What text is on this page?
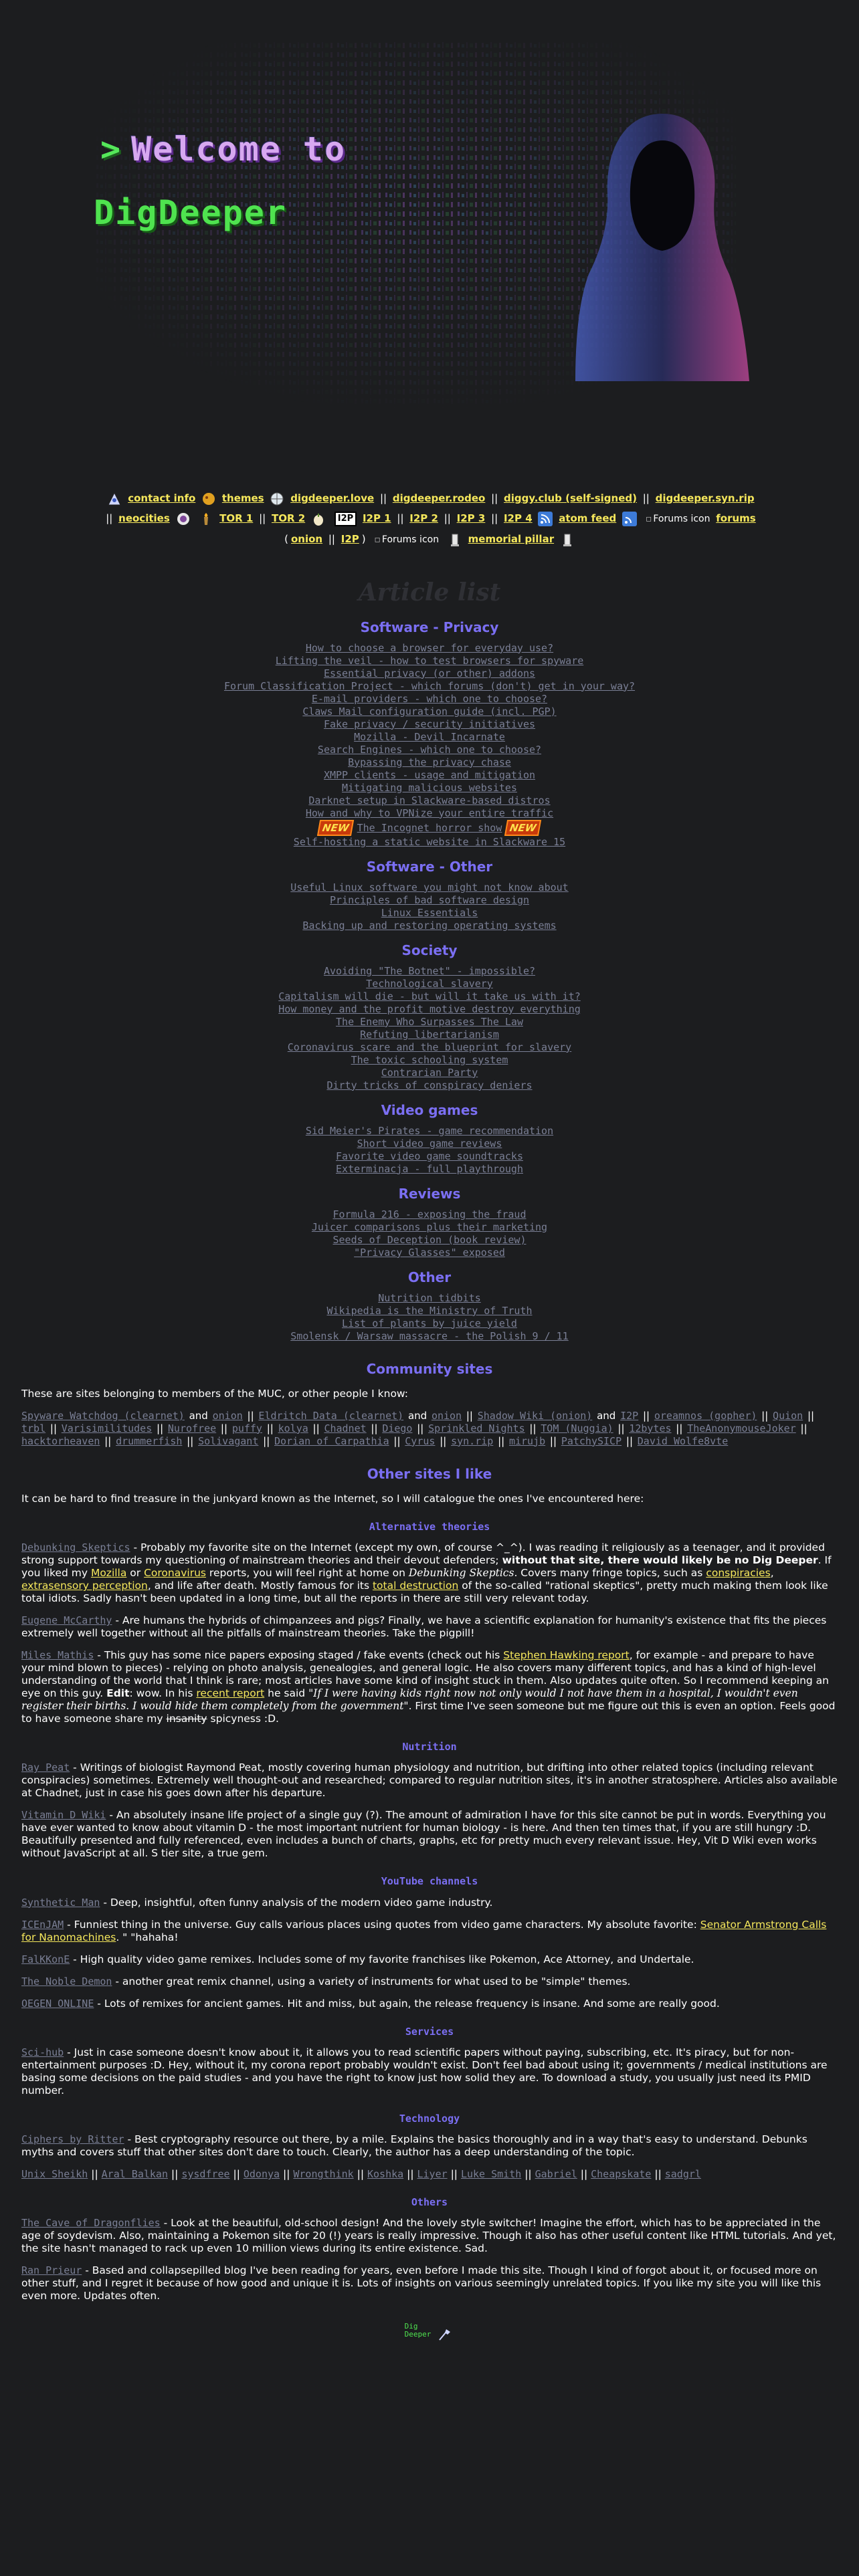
> Welcome to
DigDeeper
contact info	themes	digdeeper.love || digdeeper.rodeo || diggy.club (self-signed) || digdeeper.syn.rip
|| neocities	TOR 1 || TOR 2	I2P I2P 1 || I2P 2 || I2P 3 || I2P 4	atom feed	▫ Forums icon forums
( onion || I2P ) ▫ Forums icon	memorial pillar
Article list
Software - Privacy
How to choose a browser for everyday use?
Lifting the veil - how to test browsers for spyware
Essential privacy (or other) addons
Forum Classification Project - which forums (don't) get in your way?
E-mail providers - which one to choose?
Claws Mail configuration guide (incl. PGP)
Fake privacy / security initiatives
Mozilla - Devil Incarnate
Search Engines - which one to choose?
Bypassing the privacy chase
XMPP clients - usage and mitigation
Mitigating malicious websites
Darknet setup in Slackware-based distros
How and why to VPNize your entire traffic
NEW The Incognet horror show NEW
Self-hosting a static website in Slackware 15
Software - Other
Useful Linux software you might not know about
Principles of bad software design
Linux Essentials
Backing up and restoring operating systems
Society
Avoiding "The Botnet" - impossible?
Technological slavery
Capitalism will die - but will it take us with it?
How money and the profit motive destroy everything
The Enemy Who Surpasses The Law
Refuting libertarianism
Coronavirus scare and the blueprint for slavery
The toxic schooling system
Contrarian Party
Dirty tricks of conspiracy deniers
Video games
Sid Meier's Pirates - game recommendation
Short video game reviews
Favorite video game soundtracks
Exterminacja - full playthrough
Reviews
Formula 216 - exposing the fraud
Juicer comparisons plus their marketing
Seeds of Deception (book review)
"Privacy Glasses" exposed
Other
Nutrition tidbits
Wikipedia is the Ministry of Truth
List of plants by juice yield
Smolensk / Warsaw massacre - the Polish 9 / 11
Community sites

These are sites belonging to members of the MUC, or other people I know:

Spyware Watchdog (clearnet) and onion || Eldritch Data (clearnet) and onion || Shadow Wiki (onion) and I2P || oreamnos (gopher) || Quion || trbl || Varisimilitudes || Nurofree || puffy || kolya || Chadnet || Diego || Sprinkled Nights || TOM (Nuggia) || 12bytes || TheAnonymouseJoker || hacktorheaven || drummerfish || Solivagant || Dorian of Carpathia || Cyrus || syn.rip || mirujb || PatchySICP || David Wolfe8vte
Other sites I like

It can be hard to find treasure in the junkyard known as the Internet, so I will catalogue the ones I've encountered here:

Alternative theories

Debunking Skeptics - Probably my favorite site on the Internet (except my own, of course ^_^). I was reading it religiously as a teenager, and it provided strong support towards my questioning of mainstream theories and their devout defenders; without that site, there would likely be no Dig Deeper. If you liked my Mozilla or Coronavirus reports, you will feel right at home on Debunking Skeptics. Covers many fringe topics, such as conspiracies, extrasensory perception, and life after death. Mostly famous for its total destruction of the so-called "rational skeptics", pretty much making them look like total idiots. Sadly hasn't been updated in a long time, but all the reports in there are still very relevant today.

Eugene McCarthy - Are humans the hybrids of chimpanzees and pigs? Finally, we have a scientific explanation for humanity's existence that fits the pieces extremely well together without all the pitfalls of mainstream theories. Take the pigpill!

Miles Mathis - This guy has some nice papers exposing staged / fake events (check out his Stephen Hawking report, for example - and prepare to have your mind blown to pieces) - relying on photo analysis, genealogies, and general logic. He also covers many different topics, and has a kind of high-level understanding of the world that I think is rare; most articles have some kind of insight stuck in them. Also updates quite often. So I recommend keeping an eye on this guy. Edit: wow. In his recent report he said "If I were having kids right now not only would I not have them in a hospital, I wouldn't even register their births. I would hide them completely from the government". First time I've seen someone but me figure out this is even an option. Feels good to have someone share my insanity spicyness :D.

Nutrition

Ray Peat - Writings of biologist Raymond Peat, mostly covering human physiology and nutrition, but drifting into other related topics (including relevant conspiracies) sometimes. Extremely well thought-out and researched; compared to regular nutrition sites, it's in another stratosphere. Articles also available at Chadnet, just in case his goes down after his departure.

Vitamin D Wiki - An absolutely insane life project of a single guy (?). The amount of admiration I have for this site cannot be put in words. Everything you have ever wanted to know about vitamin D - the most important nutrient for human biology - is here. And then ten times that, if you are still hungry :D. Beautifully presented and fully referenced, even includes a bunch of charts, graphs, etc for pretty much every relevant issue. Hey, Vit D Wiki even works without JavaScript at all. S tier site, a true gem.

YouTube channels

Synthetic Man - Deep, insightful, often funny analysis of the modern video game industry.

ICEnJAM - Funniest thing in the universe. Guy calls various places using quotes from video game characters. My absolute favorite: Senator Armstrong Calls for Nanomachines. " "hahaha!

FalKKonE - High quality video game remixes. Includes some of my favorite franchises like Pokemon, Ace Attorney, and Undertale.

The Noble Demon - another great remix channel, using a variety of instruments for what used to be "simple" themes.

OEGEN ONLINE - Lots of remixes for ancient games. Hit and miss, but again, the release frequency is insane. And some are really good.

Services

Sci-hub - Just in case someone doesn't know about it, it allows you to read scientific papers without paying, subscribing, etc. It's piracy, but for non-entertainment purposes :D. Hey, without it, my corona report probably wouldn't exist. Don't feel bad about using it; governments / medical institutions are basing some decisions on the paid studies - and you have the right to know just how solid they are. To download a study, you usually just need its PMID number.

Technology

Ciphers by Ritter - Best cryptography resource out there, by a mile. Explains the basics thoroughly and in a way that's easy to understand. Debunks myths and covers stuff that other sites don't dare to touch. Clearly, the author has a deep understanding of the topic.

Unix Sheikh || Aral Balkan || sysdfree || Odonya || Wrongthink || Koshka || Liyer || Luke Smith || Gabriel || Cheapskate || sadgrl

Others

The Cave of Dragonflies - Look at the beautiful, old-school design! And the lovely style switcher! Imagine the effort, which has to be appreciated in the age of soydevism. Also, maintaining a Pokemon site for 20 (!) years is really impressive. Though it also has other useful content like HTML tutorials. And yet, the site hasn't managed to rack up even 10 million views during its entire existence. Sad.

Ran Prieur - Based and collapsepilled blog I've been reading for years, even before I made this site. Though I kind of forgot about it, or focused more on other stuff, and I regret it because of how good and unique it is. Lots of insights on various seemingly unrelated topics. If you like my site you will like this even more. Updates often.

Dig
Deeper
